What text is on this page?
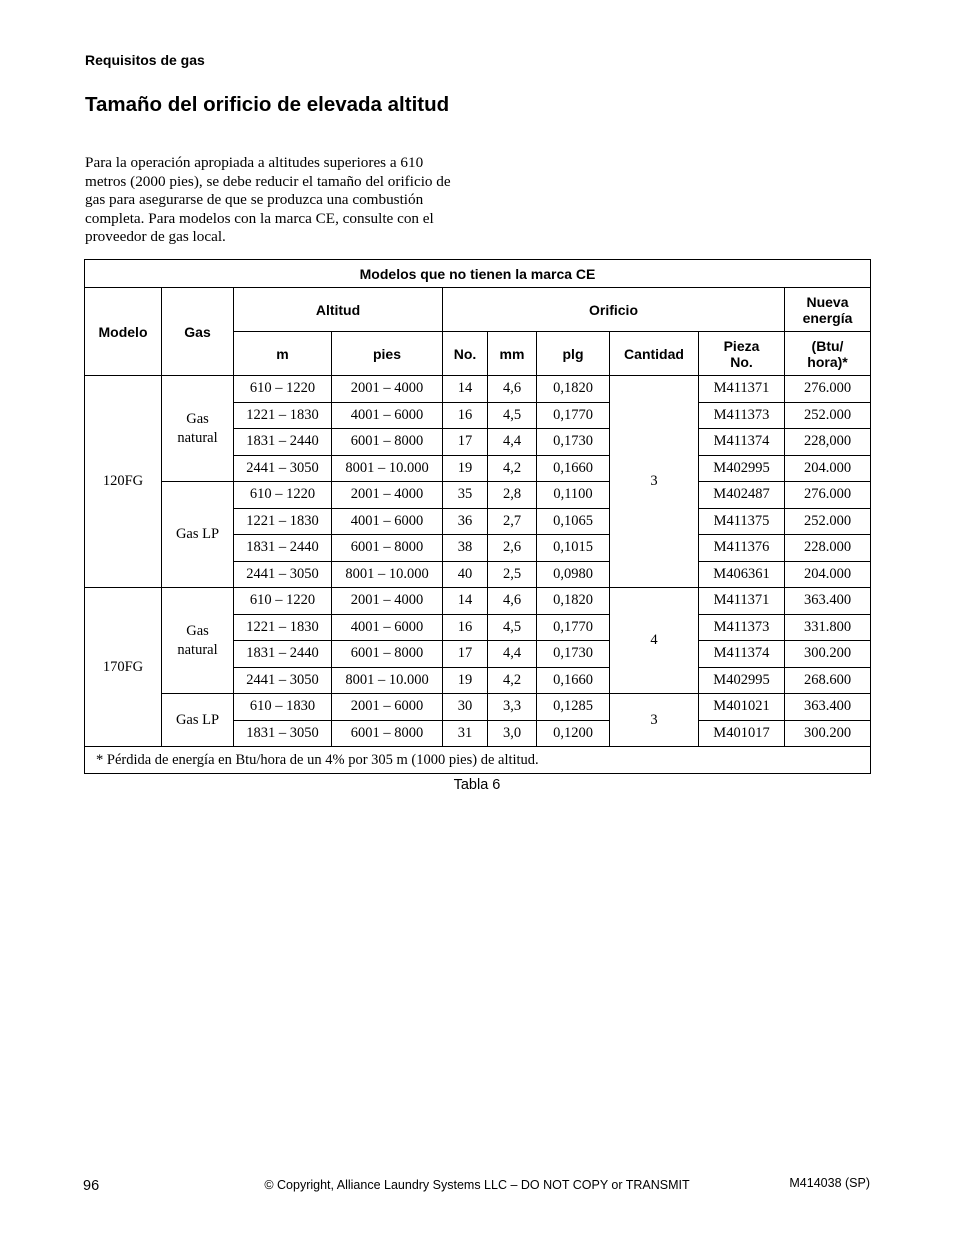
Requisitos de gas
Tamaño del orificio de elevada altitud

Para la operación apropiada a altitudes superiores a 610 metros (2000 pies), se debe reducir el tamaño del orificio de gas para asegurarse de que se produzca una combustión completa. Para modelos con la marca CE, consulte con el proveedor de gas local.

Modelos que no tienen la marca CE									
Modelo	Gas	Altitud		Orificio					Nueva energía
		m	pies	No.	mm	plg	Cantidad	Pieza No.	(Btu/ hora)*
120FG	Gas natural	610 – 1220	2001 – 4000	14	4,6	0,1820	3	M411371	276.000
		1221 – 1830	4001 – 6000	16	4,5	0,1770		M411373	252.000
		1831 – 2440	6001 – 8000	17	4,4	0,1730		M411374	228,000
		2441 – 3050	8001 – 10.000	19	4,2	0,1660		M402995	204.000
	Gas LP	610 – 1220	2001 – 4000	35	2,8	0,1100		M402487	276.000
		1221 – 1830	4001 – 6000	36	2,7	0,1065		M411375	252.000
		1831 – 2440	6001 – 8000	38	2,6	0,1015		M411376	228.000
		2441 – 3050	8001 – 10.000	40	2,5	0,0980		M406361	204.000
170FG	Gas natural	610 – 1220	2001 – 4000	14	4,6	0,1820	4	M411371	363.400
		1221 – 1830	4001 – 6000	16	4,5	0,1770		M411373	331.800
		1831 – 2440	6001 – 8000	17	4,4	0,1730		M411374	300.200
		2441 – 3050	8001 – 10.000	19	4,2	0,1660		M402995	268.600
	Gas LP	610 – 1830	2001 – 6000	30	3,3	0,1285	3	M401021	363.400
		1831 – 3050	6001 – 8000	31	3,0	0,1200		M401017	300.200
* Pérdida de energía en Btu/hora de un 4% por 305 m (1000 pies) de altitud.									
Tabla 6
96	© Copyright, Alliance Laundry Systems LLC – DO NOT COPY or TRANSMIT	M414038 (SP)
